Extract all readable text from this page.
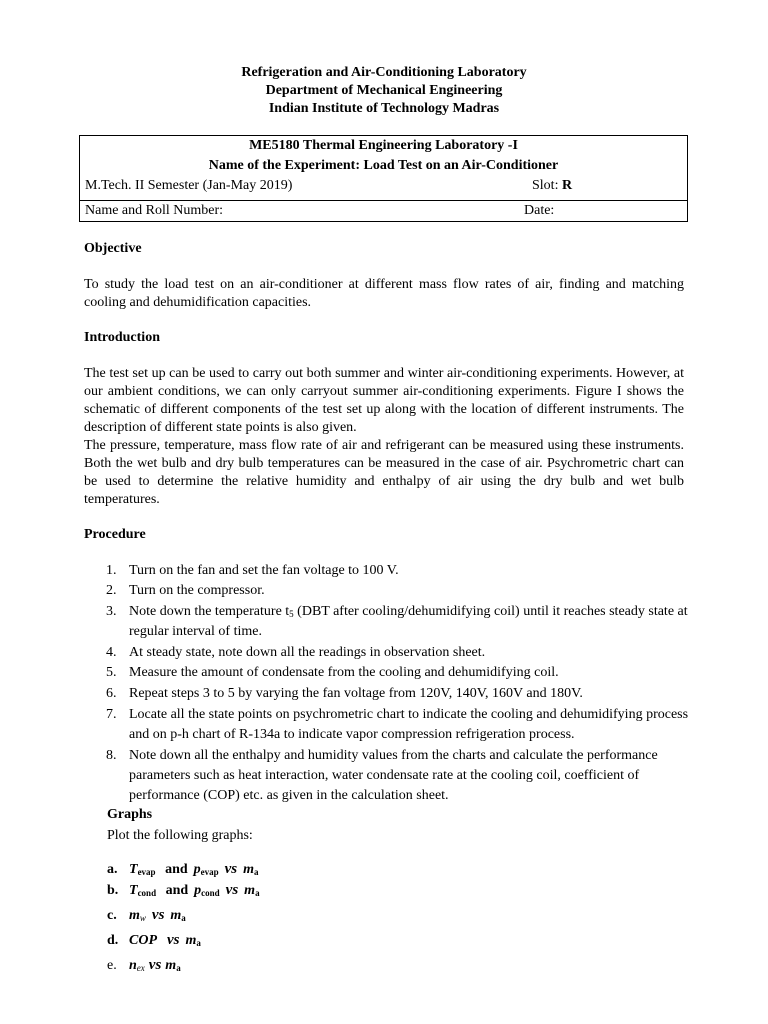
Refrigeration and Air-Conditioning Laboratory
Department of Mechanical Engineering
Indian Institute of Technology Madras
ME5180 Thermal Engineering Laboratory -I
Name of the Experiment: Load Test on an Air-Conditioner
M.Tech. II Semester (Jan-May 2019)	Slot: R
Name and Roll Number:	Date:
Objective
To study the load test on an air-conditioner at different mass flow rates of air, finding and matching cooling and dehumidification capacities.
Introduction
The test set up can be used to carry out both summer and winter air-conditioning experiments. However, at our ambient conditions, we can only carryout summer air-conditioning experiments. Figure I shows the schematic of different components of the test set up along with the location of different instruments. The description of different state points is also given.
The pressure, temperature, mass flow rate of air and refrigerant can be measured using these instruments. Both the wet bulb and dry bulb temperatures can be measured in the case of air. Psychrometric chart can be used to determine the relative humidity and enthalpy of air using the dry bulb and wet bulb temperatures.
Procedure
1. Turn on the fan and set the fan voltage to 100 V.
2. Turn on the compressor.
3. Note down the temperature $t_5$ (DBT after cooling/dehumidifying coil) until it reaches steady state at regular interval of time.
4. At steady state, note down all the readings in observation sheet.
5. Measure the amount of condensate from the cooling and dehumidifying coil.
6. Repeat steps 3 to 5 by varying the fan voltage from 120V, 140V, 160V and 180V.
7. Locate all the state points on psychrometric chart to indicate the cooling and dehumidifying process and on p-h chart of R-134a to indicate vapor compression refrigeration process.
8. Note down all the enthalpy and humidity values from the charts and calculate the performance parameters such as heat interaction, water condensate rate at the cooling coil, coefficient of performance (COP) etc. as given in the calculation sheet.
Graphs
Plot the following graphs:
a. $T_{evap}$ and $p_{evap}$ vs $m_a$
b. $T_{cond}$ and $p_{cond}$ vs $m_a$
c. $m_w$ vs $m_a$
d. COP vs $m_a$
e. $n_{ex}$ vs $m_a$
